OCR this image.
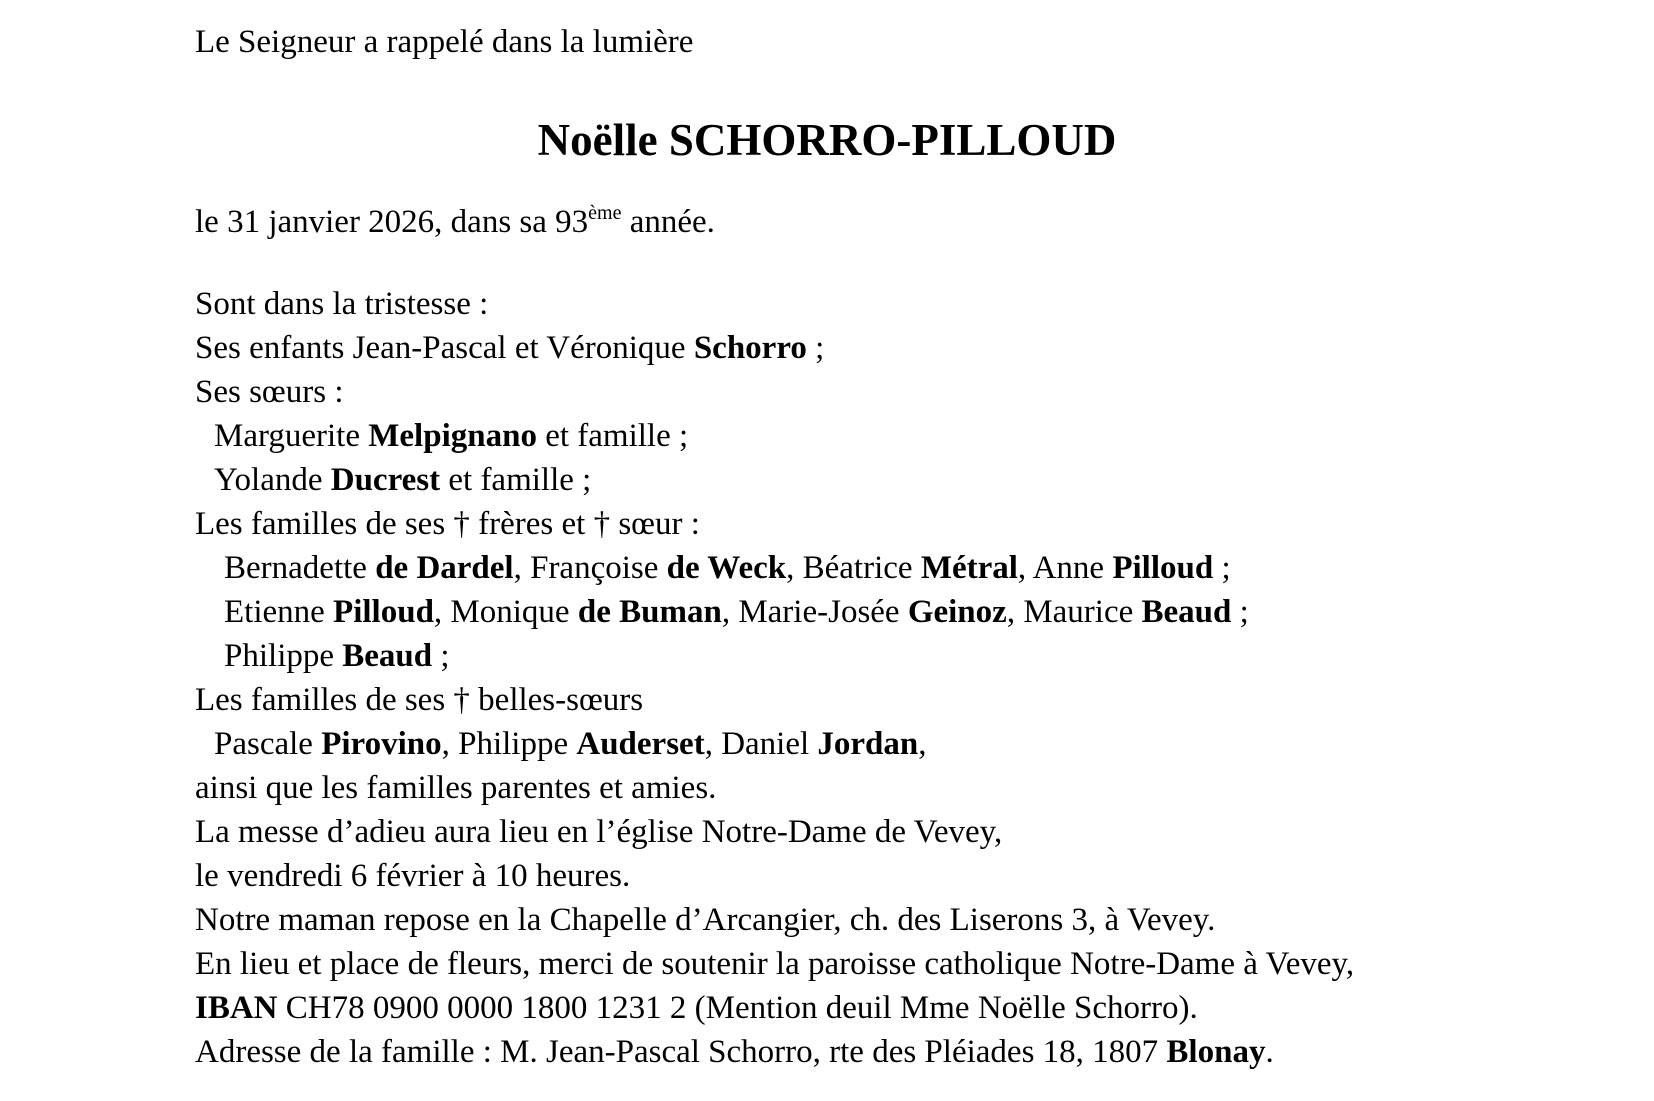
Le Seigneur a rappelé dans la lumière
Noëlle SCHORRO-PILLOUD
le 31 janvier 2026, dans sa 93ème année.
Sont dans la tristesse :
Ses enfants Jean-Pascal et Véronique Schorro ;
Ses sœurs :
Marguerite Melpignano et famille ;
Yolande Ducrest et famille ;
Les familles de ses † frères et † sœur :
Bernadette de Dardel, Françoise de Weck, Béatrice Métral, Anne Pilloud ;
Etienne Pilloud, Monique de Buman, Marie-Josée Geinoz, Maurice Beaud ;
Philippe Beaud ;
Les familles de ses † belles-sœurs
Pascale Pirovino, Philippe Auderset, Daniel Jordan,
ainsi que les familles parentes et amies.
La messe d’adieu aura lieu en l’église Notre-Dame de Vevey,
le vendredi 6 février à 10 heures.
Notre maman repose en la Chapelle d’Arcangier, ch. des Liserons 3, à Vevey.
En lieu et place de fleurs, merci de soutenir la paroisse catholique Notre-Dame à Vevey,
IBAN CH78 0900 0000 1800 1231 2 (Mention deuil Mme Noëlle Schorro).
Adresse de la famille : M. Jean-Pascal Schorro, rte des Pléiades 18, 1807 Blonay.
